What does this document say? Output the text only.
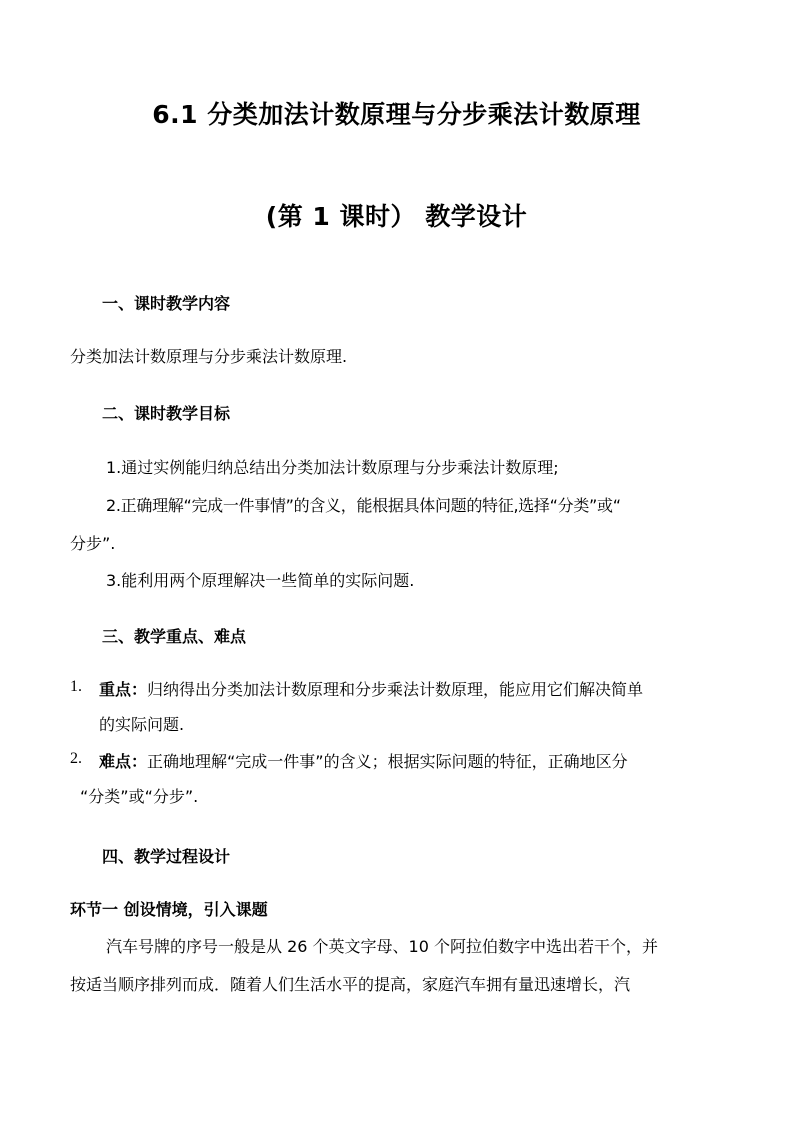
6.1 分类加法计数原理与分步乘法计数原理
(第 1 课时） 教学设计
一、课时教学内容
分类加法计数原理与分步乘法计数原理.
二、课时教学目标
1.通过实例能归纳总结出分类加法计数原理与分步乘法计数原理;
2.正确理解“完成一件事情”的含义，能根据具体问题的特征,选择“分类”或“
分步”.
3.能利用两个原理解决一些简单的实际问题.
三、教学重点、难点
1. 重点：归纳得出分类加法计数原理和分步乘法计数原理，能应用它们解决简单
的实际问题.
2. 难点：正确地理解“完成一件事”的含义；根据实际问题的特征，正确地区分
“分类”或“分步”.
四、教学过程设计
环节一 创设情境，引入课题
汽车号牌的序号一般是从 26 个英文字母、10 个阿拉伯数字中选出若干个，并
按适当顺序排列而成．随着人们生活水平的提高，家庭汽车拥有量迅速增长，汽
